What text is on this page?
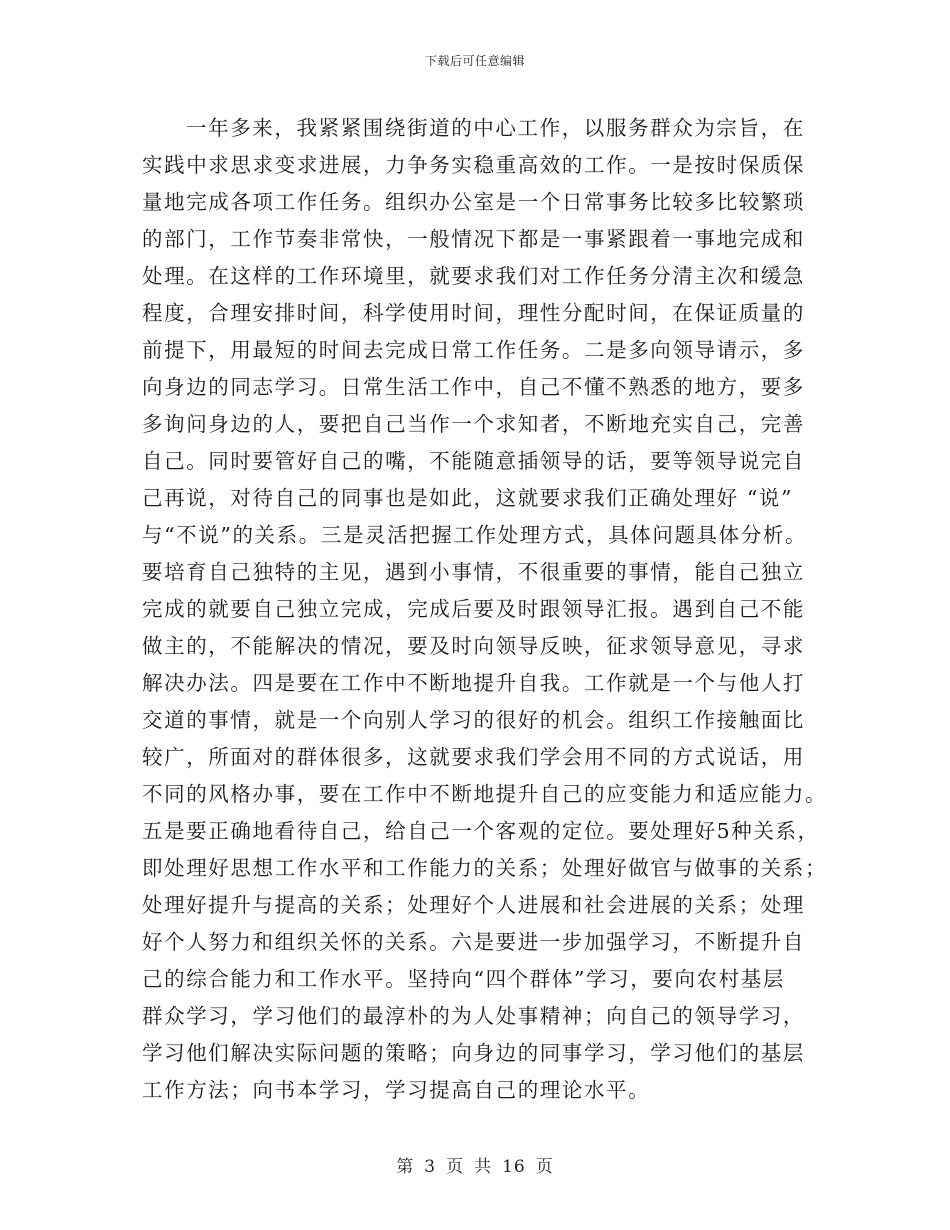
下载后可任意编辑
一年多来，我紧紧围绕街道的中心工作，以服务群众为宗旨，在
实践中求思求变求进展，力争务实稳重高效的工作。一是按时保质保
量地完成各项工作任务。组织办公室是一个日常事务比较多比较繁琐
的部门，工作节奏非常快，一般情况下都是一事紧跟着一事地完成和
处理。在这样的工作环境里，就要求我们对工作任务分清主次和缓急
程度，合理安排时间，科学使用时间，理性分配时间，在保证质量的
前提下，用最短的时间去完成日常工作任务。二是多向领导请示，多
向身边的同志学习。日常生活工作中，自己不懂不熟悉的地方，要多
多询问身边的人，要把自己当作一个求知者，不断地充实自己，完善
自己。同时要管好自己的嘴，不能随意插领导的话，要等领导说完自
己再说，对待自己的同事也是如此，这就要求我们正确处理好 “说”
与“不说”的关系。三是灵活把握工作处理方式，具体问题具体分析。
要培育自己独特的主见，遇到小事情，不很重要的事情，能自己独立
完成的就要自己独立完成，完成后要及时跟领导汇报。遇到自己不能
做主的，不能解决的情况，要及时向领导反映，征求领导意见，寻求
解决办法。四是要在工作中不断地提升自我。工作就是一个与他人打
交道的事情，就是一个向别人学习的很好的机会。组织工作接触面比
较广，所面对的群体很多，这就要求我们学会用不同的方式说话，用
不同的风格办事，要在工作中不断地提升自己的应变能力和适应能力。
五是要正确地看待自己，给自己一个客观的定位。要处理好5种关系，
即处理好思想工作水平和工作能力的关系；处理好做官与做事的关系；
处理好提升与提高的关系；处理好个人进展和社会进展的关系；处理
好个人努力和组织关怀的关系。六是要进一步加强学习，不断提升自
己的综合能力和工作水平。坚持向“四个群体”学习，要向农村基层
群众学习，学习他们的最淳朴的为人处事精神；向自己的领导学习，
学习他们解决实际问题的策略；向身边的同事学习，学习他们的基层
工作方法；向书本学习，学习提高自己的理论水平。
第 3 页 共 16 页
